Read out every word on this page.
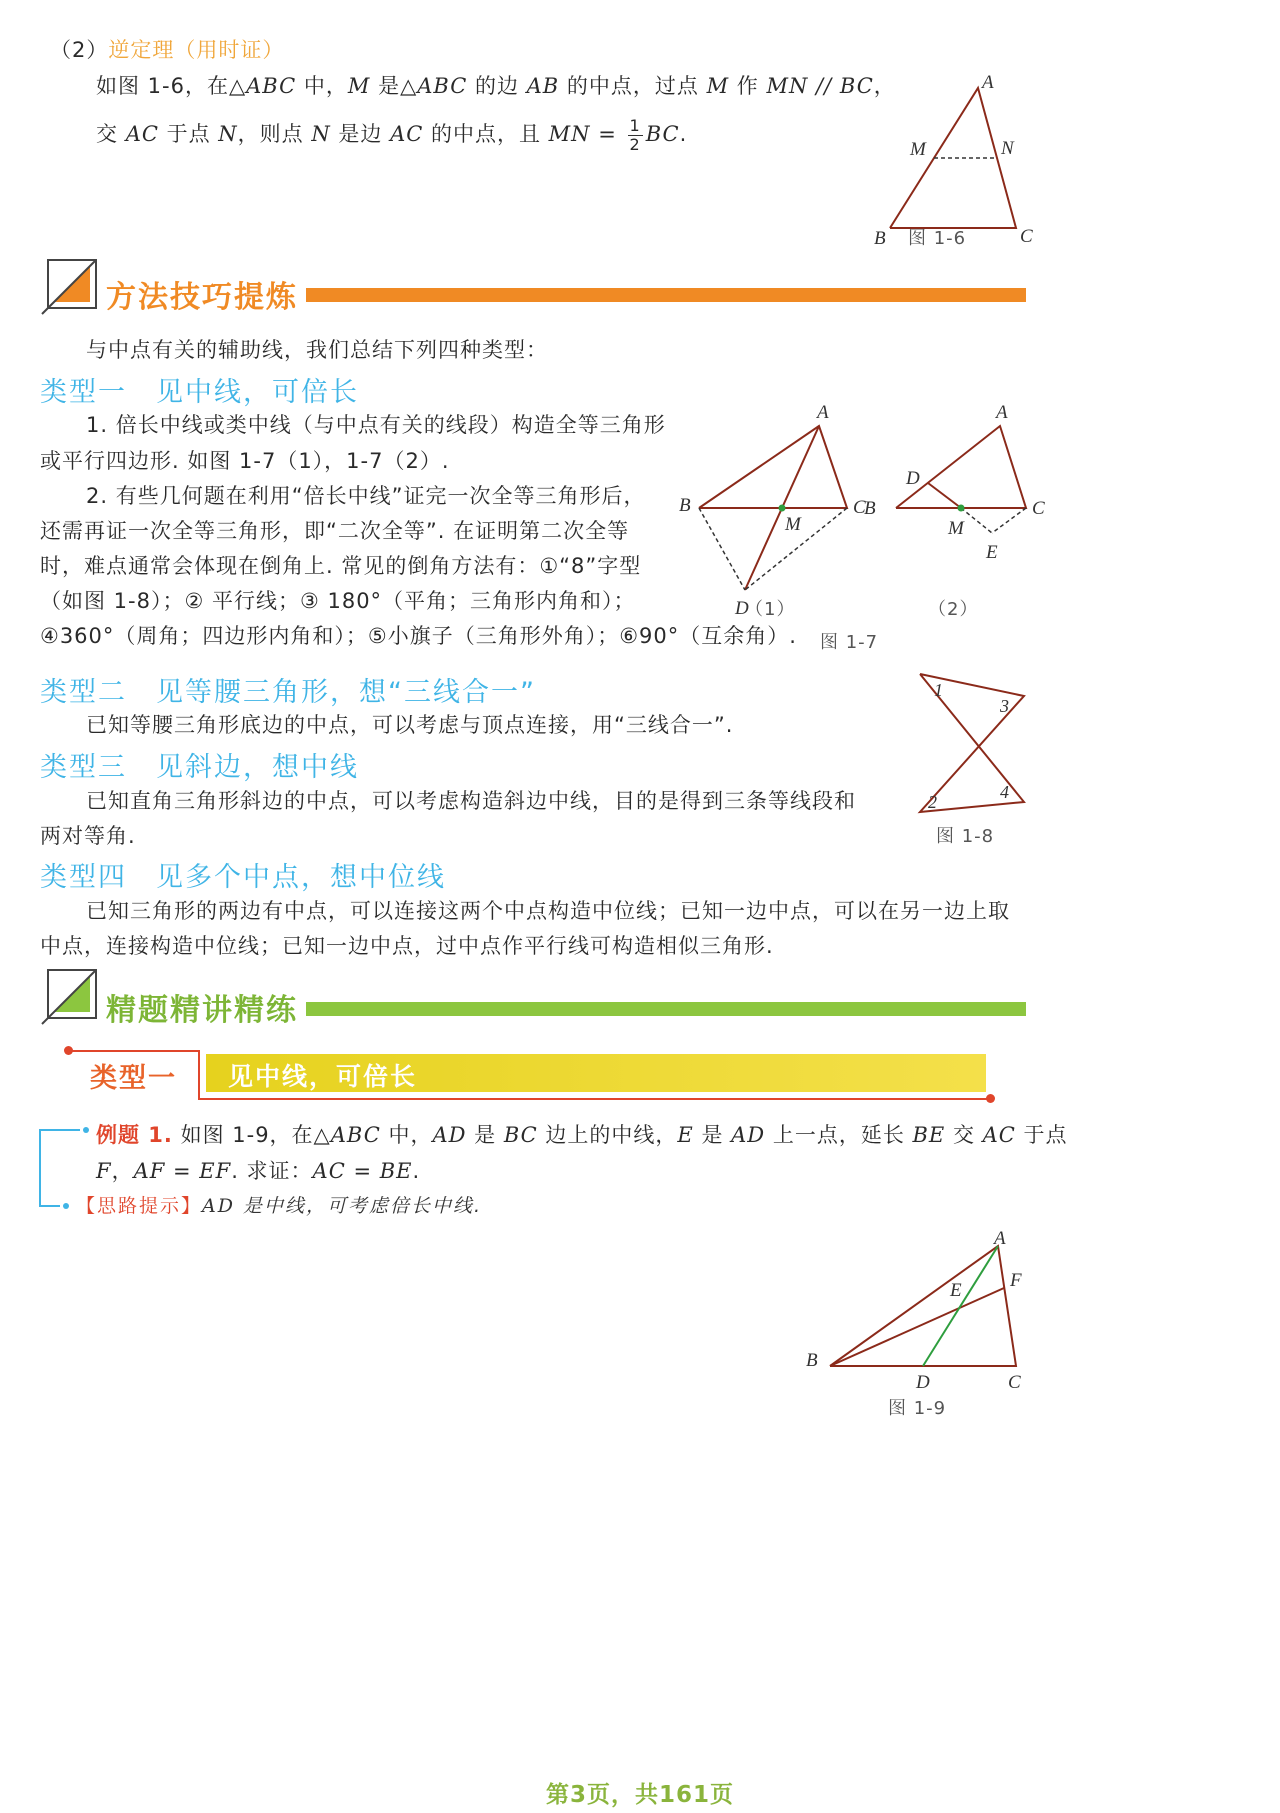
（2）逆定理（用时证）
如图 1-6，在△ABC 中，M 是△ABC 的边 AB 的中点，过点 M 作 MN // BC，
交 AC 于点 N，则点 N 是边 AC 的中点，且 MN = $\frac{1}{2}$ BC.
A
M	N
B	C
图 1-6
方法技巧提炼
与中点有关的辅助线，我们总结下列四种类型：
类型一　见中线，可倍长
1. 倍长中线或类中线（与中点有关的线段）构造全等三角形
或平行四边形. 如图 1-7（1），1-7（2）.
2. 有些几何题在利用“倍长中线”证完一次全等三角形后，
还需再证一次全等三角形，即“二次全等”. 在证明第二次全等
时，难点通常会体现在倒角上. 常见的倒角方法有：①“8”字型
（如图 1-8）；② 平行线；③ 180°（平角；三角形内角和）；
④360°（周角；四边形内角和）；⑤小旗子（三角形外角）；⑥90°（互余角）.
A
B	C
M
D
（1）
A
B	C
D
M
E
（2）
图 1-7
类型二　见等腰三角形，想“三线合一”
已知等腰三角形底边的中点，可以考虑与顶点连接，用“三线合一”.
1
2
3
4
图 1-8
类型三　见斜边，想中线
已知直角三角形斜边的中点，可以考虑构造斜边中线，目的是得到三条等线段和
两对等角.
类型四　见多个中点，想中位线
已知三角形的两边有中点，可以连接这两个中点构造中位线；已知一边中点，可以在另一边上取
中点，连接构造中位线；已知一边中点，过中点作平行线可构造相似三角形.
精题精讲精练
类型一 见中线，可倍长
例题 1. 如图 1-9，在△ABC 中，AD 是 BC 边上的中线，E 是 AD 上一点，延长 BE 交 AC 于点
F，AF = EF. 求证：AC = BE.
【思路提示】AD 是中线，可考虑倍长中线.
A
B
C
D
E	F
图 1-9
第3页，共161页
